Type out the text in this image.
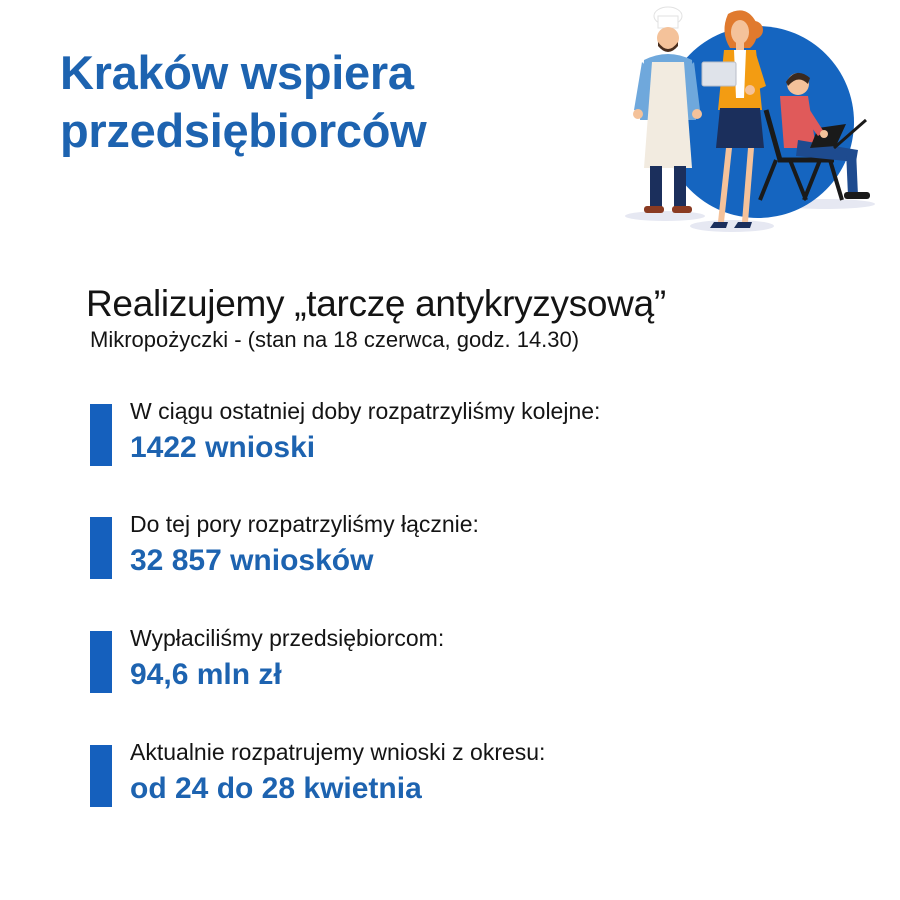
Kraków wspiera
przedsiębiorców
Realizujemy „tarczę antykryzysową”
Mikropożyczki - (stan na 18 czerwca, godz. 14.30)
W ciągu ostatniej doby rozpatrzyliśmy kolejne:
1422 wnioski
Do tej pory rozpatrzyliśmy łącznie:
32 857 wniosków
Wypłaciliśmy przedsiębiorcom:
94,6 mln zł
Aktualnie rozpatrujemy wnioski z okresu:
od 24 do 28 kwietnia
